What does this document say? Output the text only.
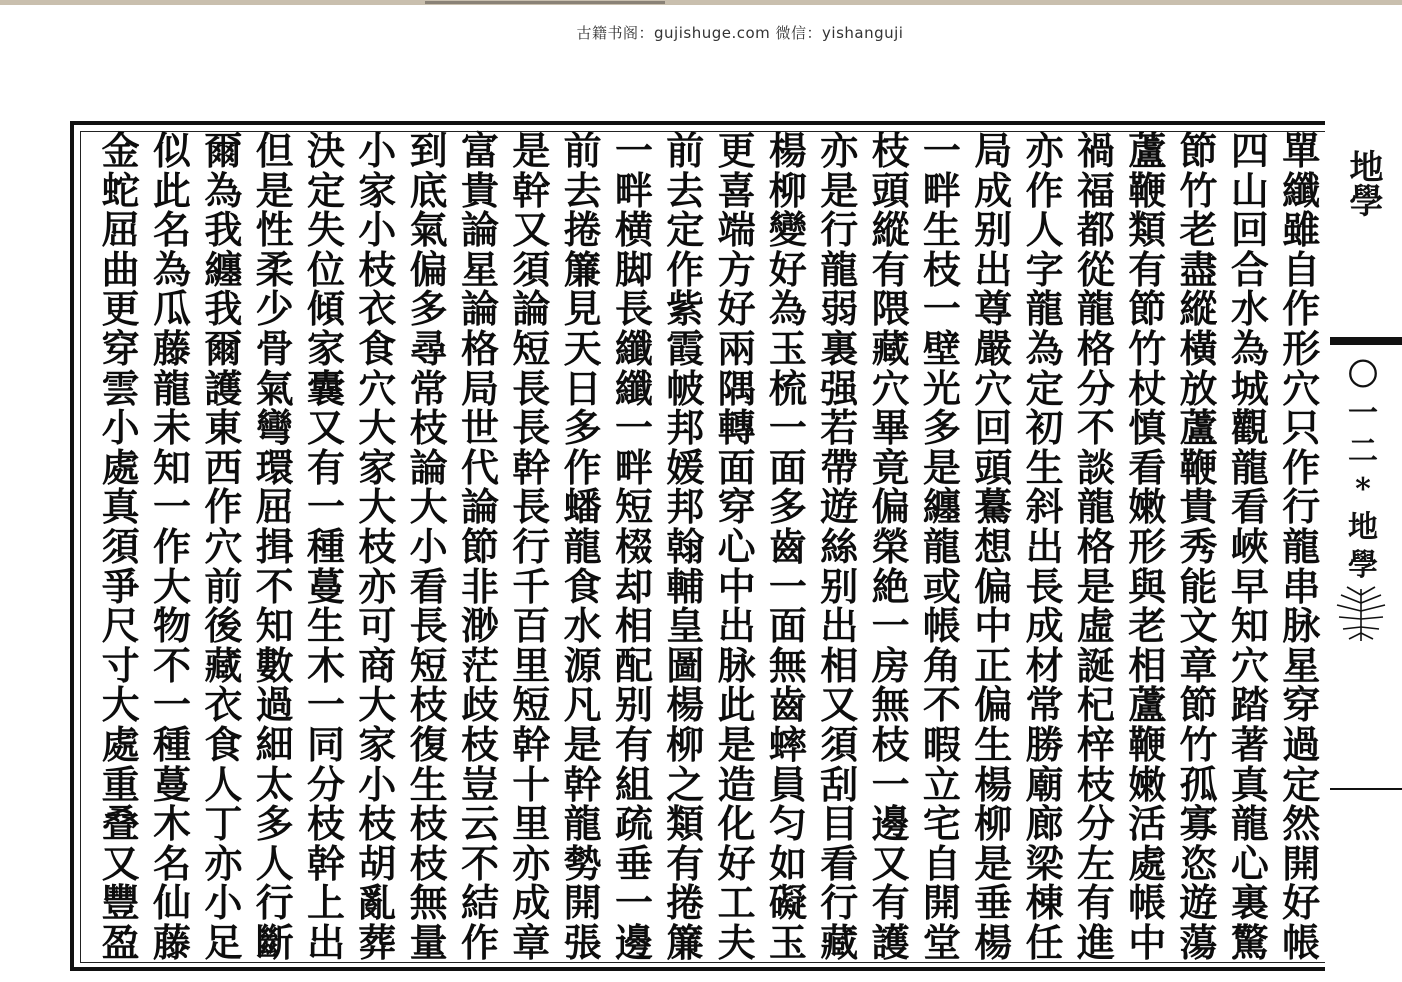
古籍书阁：gujishuge.com 微信：yishanguji
單
纖
雖
自
作
形
穴
只
作
行
龍
串
脉
星
穿
過
定
然
開
好
帳
四
山
回
合
水
為
城
觀
龍
看
峽
早
知
穴
踏
著
真
龍
心
裏
驚
節
竹
老
盡
縱
橫
放
蘆
鞭
貴
秀
能
文
章
節
竹
孤
寡
恣
遊
蕩
蘆
鞭
類
有
節
竹
杖
慎
看
嫩
形
與
老
相
蘆
鞭
嫩
活
處
帳
中
禍
福
都
從
龍
格
分
不
談
龍
格
是
虛
誕
杞
梓
枝
分
左
有
進
亦
作
人
字
龍
為
定
初
生
斜
出
長
成
材
常
勝
廟
廊
梁
棟
任
局
成
别
出
尊
嚴
穴
回
頭
驀
想
偏
中
正
偏
生
楊
柳
是
垂
楊
一
畔
生
枝
一
壁
光
多
是
纏
龍
或
帳
角
不
暇
立
宅
自
開
堂
枝
頭
縱
有
隈
藏
穴
畢
竟
偏
榮
絶
一
房
無
枝
一
邊
又
有
護
亦
是
行
龍
弱
裏
强
若
帶
遊
絲
别
出
相
又
須
刮
目
看
行
藏
楊
柳
變
好
為
玉
梳
一
面
多
齒
一
面
無
齒
蟀
員
匀
如
礙
玉
更
喜
端
方
好
兩
隅
轉
面
穿
心
中
出
脉
此
是
造
化
好
工
夫
前
去
定
作
紫
霞
帔
邦
媛
邦
翰
輔
皇
圖
楊
柳
之
類
有
捲
簾
一
畔
横
脚
長
纖
纖
一
畔
短
棳
却
相
配
别
有
組
疏
垂
一
邊
前
去
捲
簾
見
天
日
多
作
蟠
龍
食
水
源
凡
是
幹
龍
勢
開
張
是
幹
又
須
論
短
長
長
幹
長
行
千
百
里
短
幹
十
里
亦
成
章
富
貴
論
星
論
格
局
世
代
論
節
非
渺
茫
歧
枝
豈
云
不
結
作
到
底
氣
偏
多
尋
常
枝
論
大
小
看
長
短
枝
復
生
枝
枝
無
量
小
家
小
枝
衣
食
穴
大
家
大
枝
亦
可
商
大
家
小
枝
胡
亂
葬
決
定
失
位
傾
家
囊
又
有
一
種
蔓
生
木
一
同
分
枝
幹
上
出
但
是
性
柔
少
骨
氣
彎
環
屈
揖
不
知
數
過
細
太
多
人
行
斷
爾
為
我
纏
我
爾
護
東
西
作
穴
前
後
藏
衣
食
人
丁
亦
小
足
似
此
名
為
瓜
藤
龍
未
知
一
作
大
物
不
一
種
蔓
木
名
仙
藤
金
蛇
屈
曲
更
穿
雲
小
處
真
須
爭
尺
寸
大
處
重
叠
又
豐
盈
地學
〇
一
二
*
地
學
